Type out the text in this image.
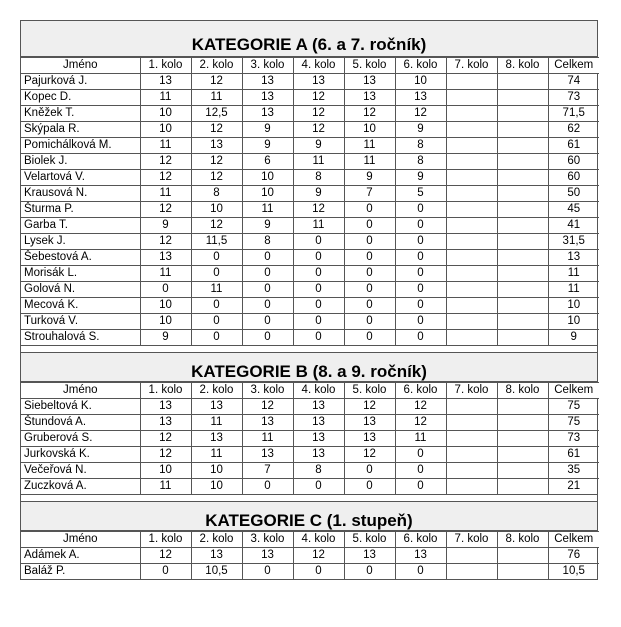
KATEGORIE A (6. a 7. ročník)
Jméno	1. kolo	2. kolo	3. kolo	4. kolo	5. kolo	6. kolo	7. kolo	8. kolo	Celkem
Pajurková J.	13	12	13	13	13	10			74
Kopec D.	11	11	13	12	13	13			73
Kněžek T.	10	12,5	13	12	12	12			71,5
Skýpala R.	10	12	9	12	10	9			62
Pomichálková M.	11	13	9	9	11	8			61
Biolek J.	12	12	6	11	11	8			60
Velartová V.	12	12	10	8	9	9			60
Krausová N.	11	8	10	9	7	5			50
Šturma P.	12	10	11	12	0	0			45
Garba T.	9	12	9	11	0	0			41
Lysek J.	12	11,5	8	0	0	0			31,5
Šebestová A.	13	0	0	0	0	0			13
Morisák L.	11	0	0	0	0	0			11
Golová N.	0	11	0	0	0	0			11
Mecová K.	10	0	0	0	0	0			10
Turková V.	10	0	0	0	0	0			10
Strouhalová S.	9	0	0	0	0	0			9
KATEGORIE B (8. a 9. ročník)
Jméno	1. kolo	2. kolo	3. kolo	4. kolo	5. kolo	6. kolo	7. kolo	8. kolo	Celkem
Siebeltová K.	13	13	12	13	12	12			75
Štundová A.	13	11	13	13	13	12			75
Gruberová S.	12	13	11	13	13	11			73
Jurkovská K.	12	11	13	13	12	0			61
Večeřová N.	10	10	7	8	0	0			35
Zuczková A.	11	10	0	0	0	0			21
KATEGORIE C (1. stupeň)
Jméno	1. kolo	2. kolo	3. kolo	4. kolo	5. kolo	6. kolo	7. kolo	8. kolo	Celkem
Adámek A.	12	13	13	12	13	13			76
Baláž P.	0	10,5	0	0	0	0			10,5
